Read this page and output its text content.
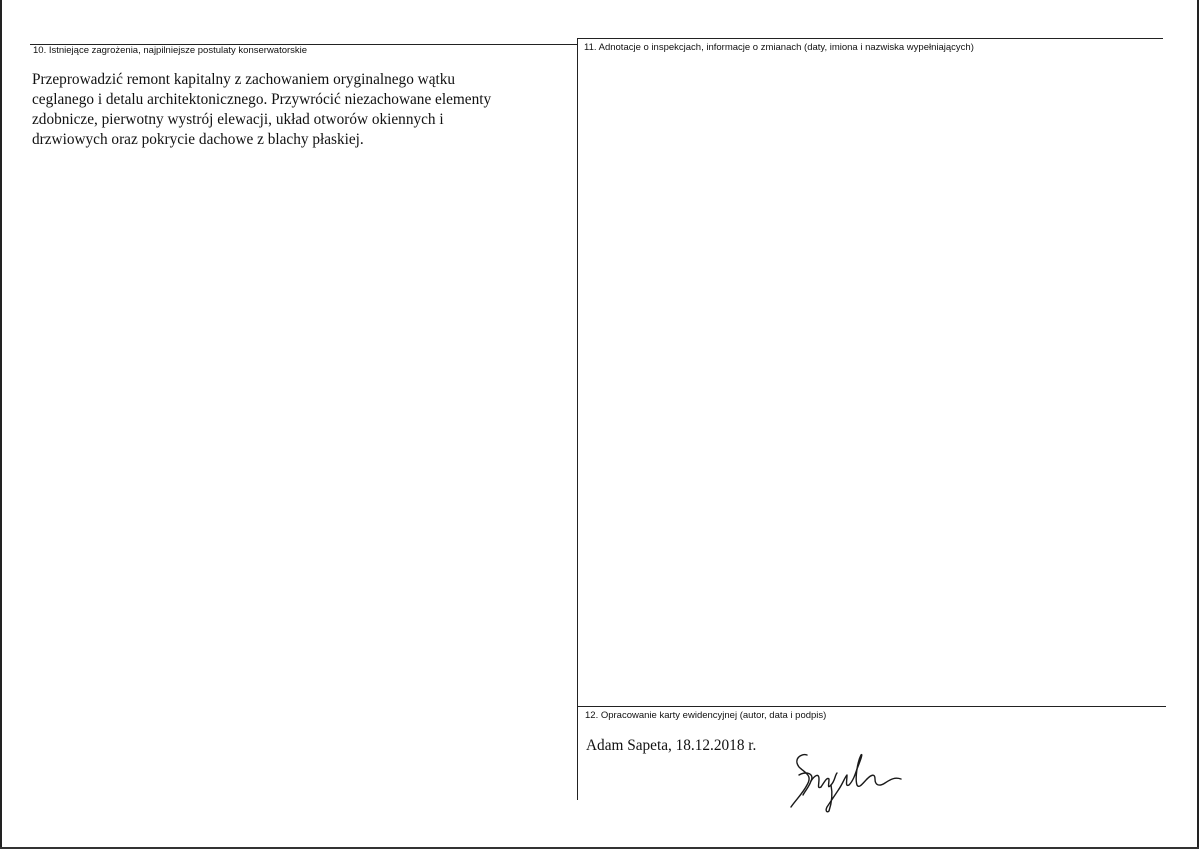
10. Istniejące zagrożenia, najpilniejsze postulaty konserwatorskie
Przeprowadzić remont kapitalny z zachowaniem oryginalnego wątku
ceglanego i detalu architektonicznego. Przywrócić niezachowane elementy
zdobnicze, pierwotny wystrój elewacji, układ otworów okiennych i
drzwiowych oraz pokrycie dachowe z blachy płaskiej.
11. Adnotacje o inspekcjach, informacje o zmianach (daty, imiona i nazwiska wypełniających)
12. Opracowanie karty ewidencyjnej (autor, data i podpis)
Adam Sapeta, 18.12.2018 r.
